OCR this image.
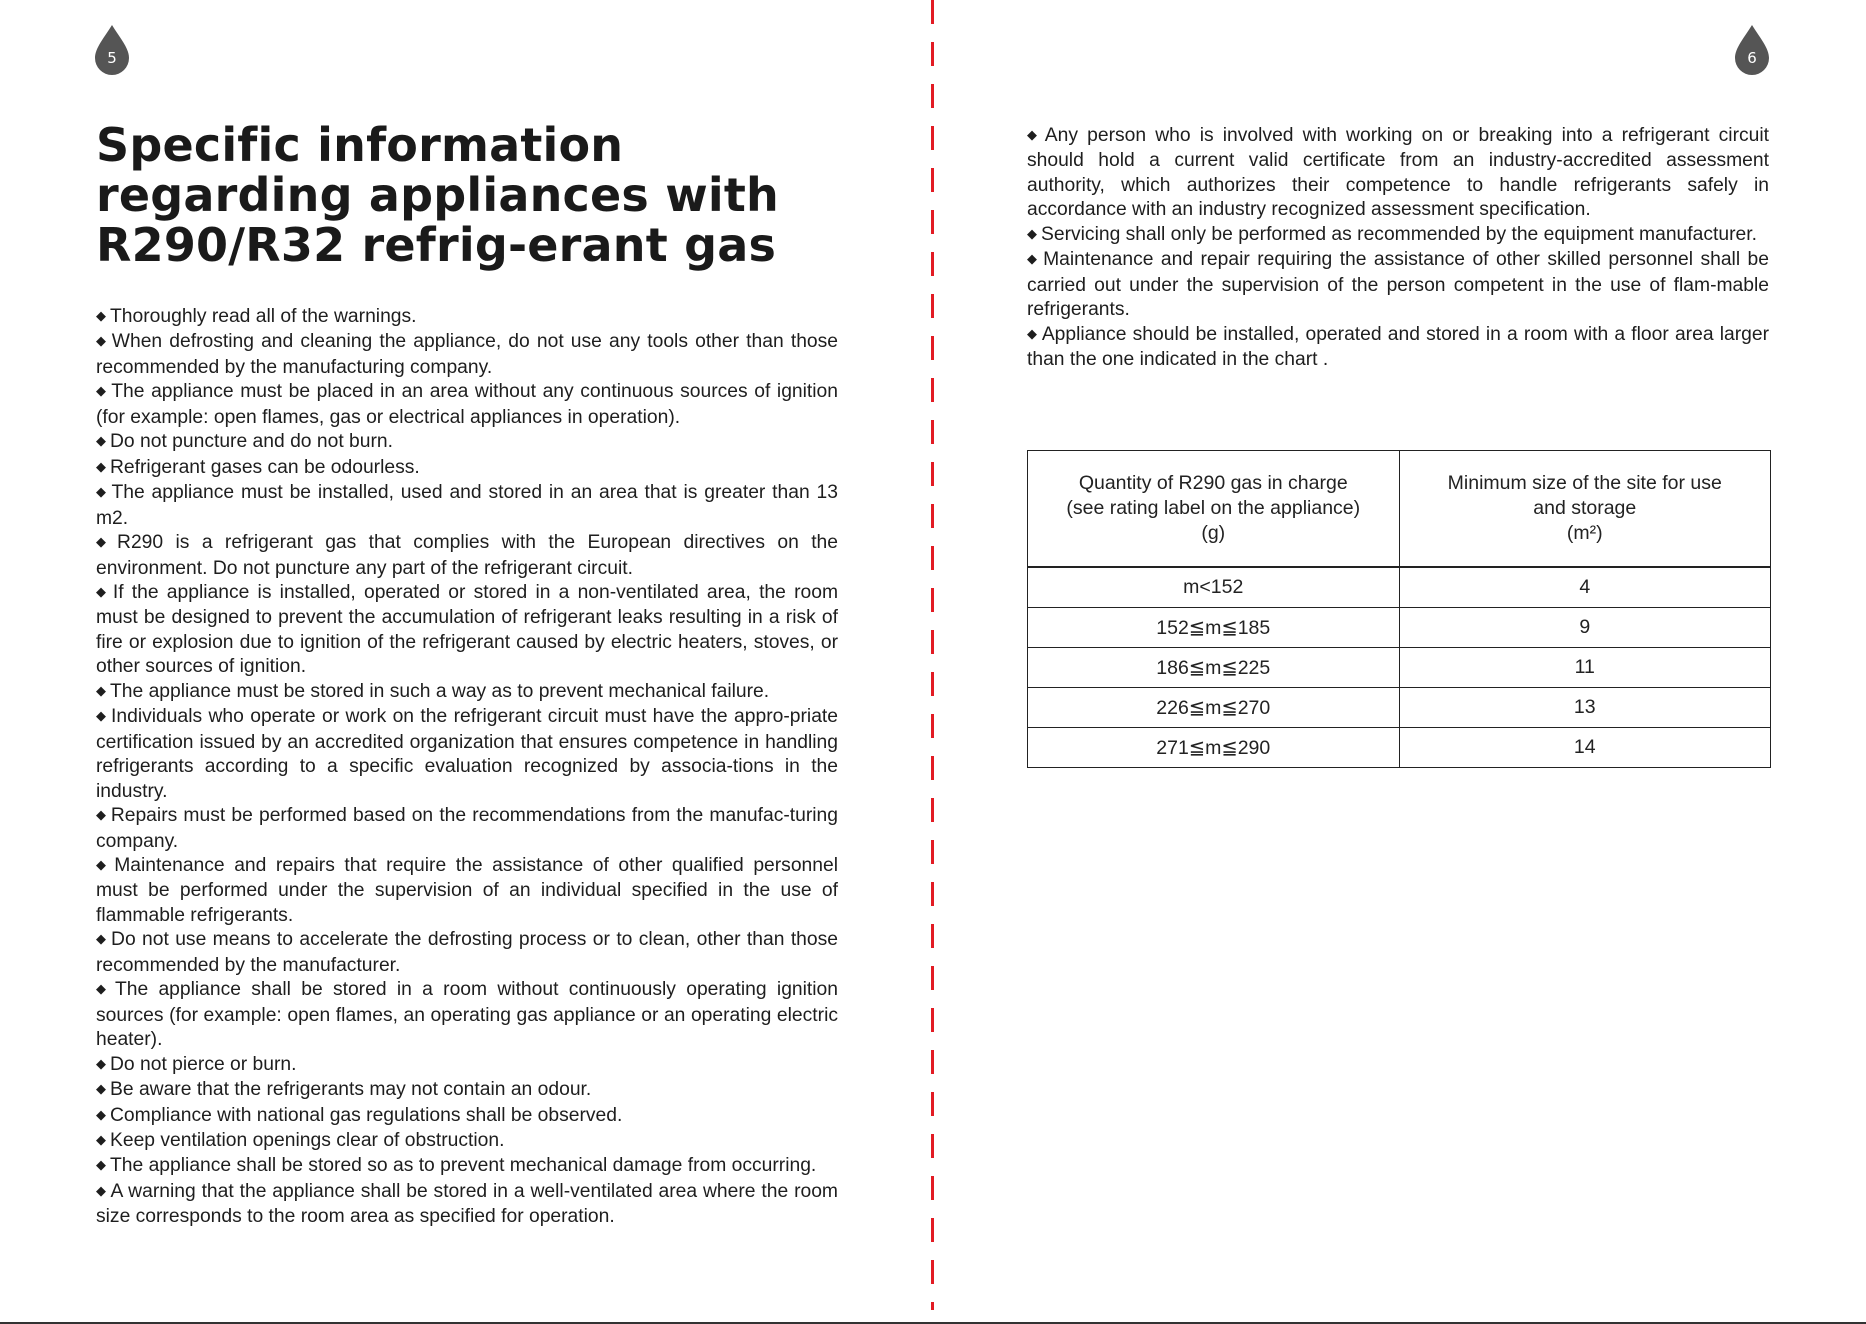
5
Specific information regarding appliances with R290/R32 refrig-erant gas
◆ Thoroughly read all of the warnings.
◆ When defrosting and cleaning the appliance, do not use any tools other than those recommended by the manufacturing company.
◆ The appliance must be placed in an area without any continuous sources of ignition (for example: open flames, gas or electrical appliances in operation).
◆ Do not puncture and do not burn.
◆ Refrigerant gases can be odourless.
◆ The appliance must be installed, used and stored in an area that is greater than 13 m2.
◆ R290 is a refrigerant gas that complies with the European directives on the environment. Do not puncture any part of the refrigerant circuit.
◆ If the appliance is installed, operated or stored in a non-ventilated area, the room must be designed to prevent the accumulation of refrigerant leaks resulting in a risk of fire or explosion due to ignition of the refrigerant caused by electric heaters, stoves, or other sources of ignition.
◆ The appliance must be stored in such a way as to prevent mechanical failure.
◆ Individuals who operate or work on the refrigerant circuit must have the appro-priate certification issued by an accredited organization that ensures competence in handling refrigerants according to a specific evaluation recognized by associa-tions in the industry.
◆ Repairs must be performed based on the recommendations from the manufac-turing company.
◆ Maintenance and repairs that require the assistance of other qualified personnel must be performed under the supervision of an individual specified in the use of flammable refrigerants.
◆ Do not use means to accelerate the defrosting process or to clean, other than those recommended by the manufacturer.
◆ The appliance shall be stored in a room without continuously operating ignition sources (for example: open flames, an operating gas appliance or an operating electric heater).
◆ Do not pierce or burn.
◆ Be aware that the refrigerants may not contain an odour.
◆ Compliance with national gas regulations shall be observed.
◆ Keep ventilation openings clear of obstruction.
◆ The appliance shall be stored so as to prevent mechanical damage from occurring.
◆ A warning that the appliance shall be stored in a well-ventilated area where the room size corresponds to the room area as specified for operation.
6
◆ Any person who is involved with working on or breaking into a refrigerant circuit should hold a current valid certificate from an industry-accredited assessment authority, which authorizes their competence to handle refrigerants safely in accordance with an industry recognized assessment specification.
◆ Servicing shall only be performed as recommended by the equipment manufacturer.
◆ Maintenance and repair requiring the assistance of other skilled personnel shall be carried out under the supervision of the person competent in the use of flam-mable refrigerants.
◆ Appliance should be installed, operated and stored in a room with a floor area larger than the one indicated in the chart .
Quantity of R290 gas in charge
(see rating label on the appliance)
(g)	Minimum size of the site for use
and storage
(m²)

m<152	4
152≦m≦185	9
186≦m≦225	11
226≦m≦270	13
271≦m≦290	14
